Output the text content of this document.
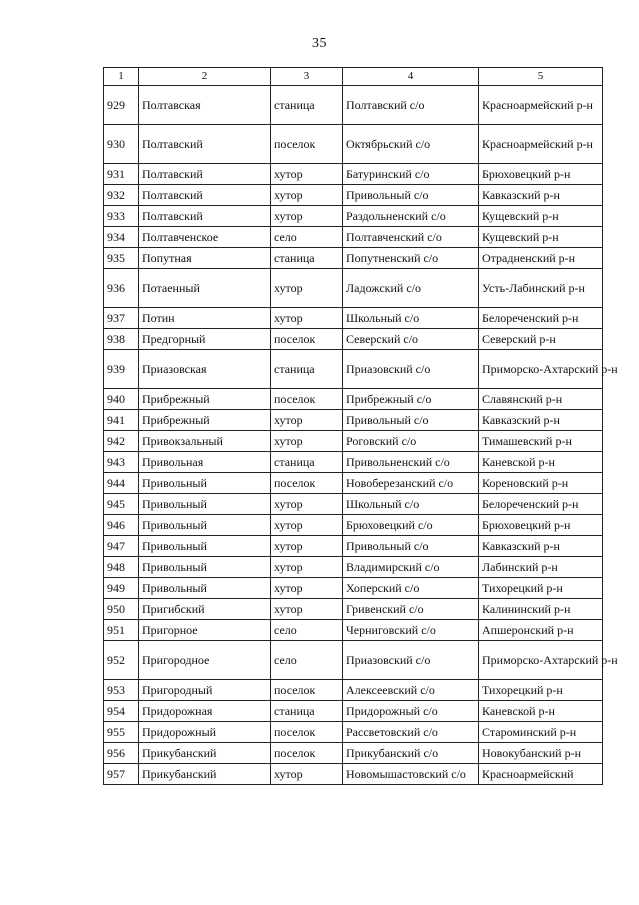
35
1	2	3	4	5
929	Полтавская	станица	Полтавский с/о	Красноармейский р-н
930	Полтавский	поселок	Октябрьский с/о	Красноармейский р-н
931	Полтавский	хутор	Батуринский с/о	Брюховецкий р-н
932	Полтавский	хутор	Привольный с/о	Кавказский р-н
933	Полтавский	хутор	Раздольненский с/о	Кущевский р-н
934	Полтавченское	село	Полтавченский с/о	Кущевский р-н
935	Попутная	станица	Попутненский с/о	Отрадненский р-н
936	Потаенный	хутор	Ладожский с/о	Усть-Лабинский р-н
937	Потин	хутор	Школьный с/о	Белореченский р-н
938	Предгорный	поселок	Северский с/о	Северский р-н
939	Приазовская	станица	Приазовский с/о	Приморско-Ахтарский р-н
940	Прибрежный	поселок	Прибрежный с/о	Славянский р-н
941	Прибрежный	хутор	Привольный с/о	Кавказский р-н
942	Привокзальный	хутор	Роговский с/о	Тимашевский р-н
943	Привольная	станица	Привольненский с/о	Каневской р-н
944	Привольный	поселок	Новоберезанский с/о	Кореновский р-н
945	Привольный	хутор	Школьный с/о	Белореченский р-н
946	Привольный	хутор	Брюховецкий с/о	Брюховецкий р-н
947	Привольный	хутор	Привольный с/о	Кавказский р-н
948	Привольный	хутор	Владимирский с/о	Лабинский р-н
949	Привольный	хутор	Хоперский с/о	Тихорецкий р-н
950	Пригибский	хутор	Гривенский с/о	Калининский р-н
951	Пригорное	село	Черниговский с/о	Апшеронский р-н
952	Пригородное	село	Приазовский с/о	Приморско-Ахтарский р-н
953	Пригородный	поселок	Алексеевский с/о	Тихорецкий р-н
954	Придорожная	станица	Придорожный с/о	Каневской р-н
955	Придорожный	поселок	Рассветовский с/о	Староминский р-н
956	Прикубанский	поселок	Прикубанский с/о	Новокубанский р-н
957	Прикубанский	хутор	Новомышастовский с/о	Красноармейский
